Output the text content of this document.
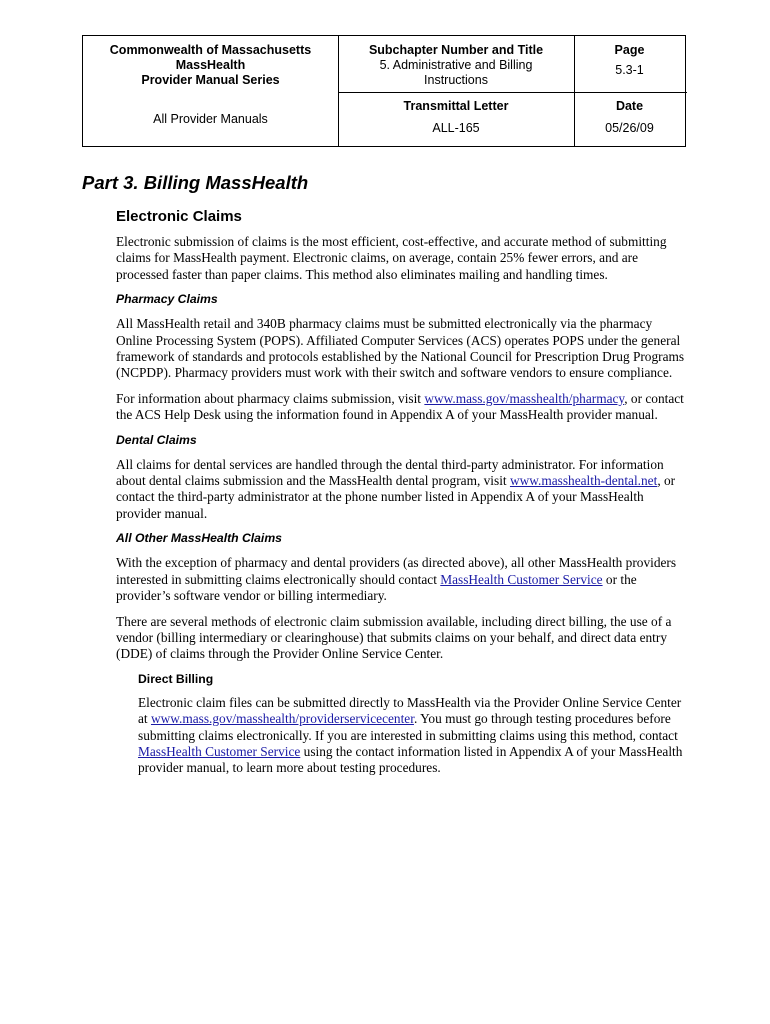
Commonwealth of Massachusetts
MassHealth
Provider Manual Series
All Provider Manuals
Subchapter Number and Title
5. Administrative and Billing
Instructions
Page
5.3-1
Transmittal Letter
ALL-165
Date
05/26/09
Part 3. Billing MassHealth
Electronic Claims

Electronic submission of claims is the most efficient, cost-effective, and accurate method of submitting claims for MassHealth payment. Electronic claims, on average, contain 25% fewer errors, and are processed faster than paper claims. This method also eliminates mailing and handling times.

Pharmacy Claims

All MassHealth retail and 340B pharmacy claims must be submitted electronically via the pharmacy Online Processing System (POPS). Affiliated Computer Services (ACS) operates POPS under the general framework of standards and protocols established by the National Council for Prescription Drug Programs (NCPDP). Pharmacy providers must work with their switch and software vendors to ensure compliance.

For information about pharmacy claims submission, visit www.mass.gov/masshealth/pharmacy, or contact the ACS Help Desk using the information found in Appendix A of your MassHealth provider manual.

Dental Claims

All claims for dental services are handled through the dental third-party administrator. For information about dental claims submission and the MassHealth dental program, visit www.masshealth-dental.net, or contact the third-party administrator at the phone number listed in Appendix A of your MassHealth provider manual.

All Other MassHealth Claims

With the exception of pharmacy and dental providers (as directed above), all other MassHealth providers interested in submitting claims electronically should contact MassHealth Customer Service or the provider’s software vendor or billing intermediary.

There are several methods of electronic claim submission available, including direct billing, the use of a vendor (billing intermediary or clearinghouse) that submits claims on your behalf, and direct data entry (DDE) of claims through the Provider Online Service Center.

Direct Billing

Electronic claim files can be submitted directly to MassHealth via the Provider Online Service Center at www.mass.gov/masshealth/providerservicecenter. You must go through testing procedures before submitting claims electronically. If you are interested in submitting claims using this method, contact MassHealth Customer Service using the contact information listed in Appendix A of your MassHealth provider manual, to learn more about testing procedures.
